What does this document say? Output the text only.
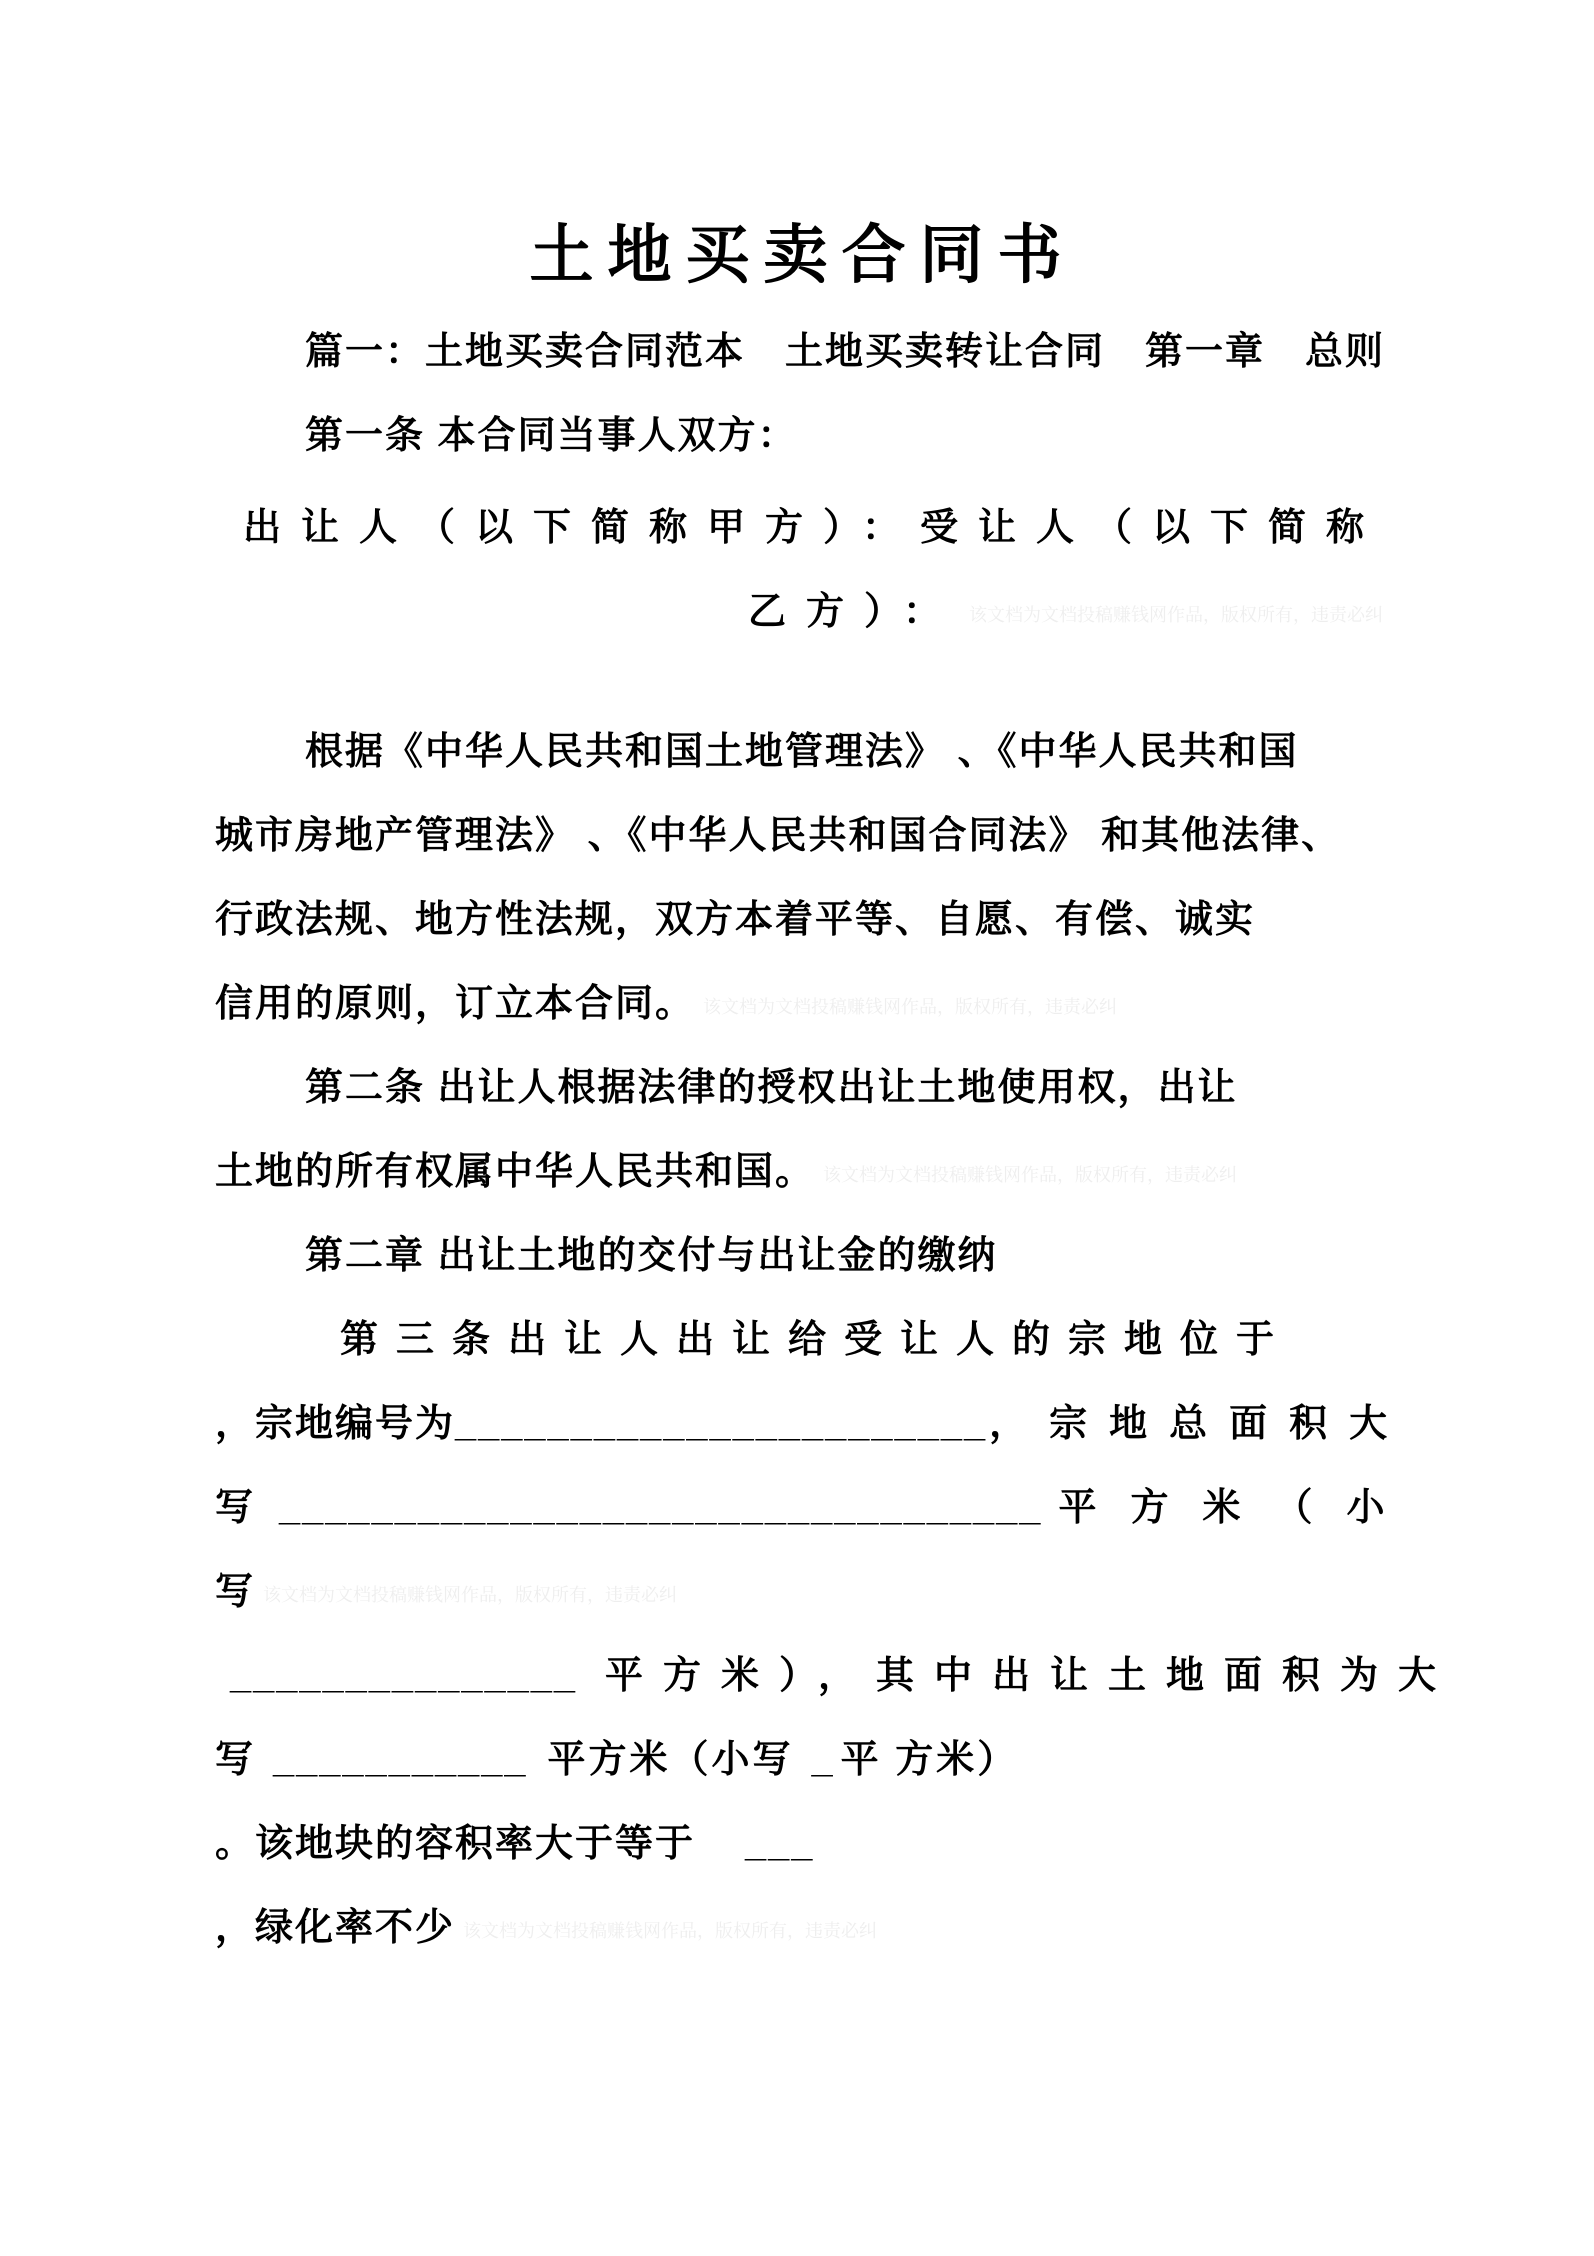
土地买卖合同书
篇一：土地买卖合同范本　土地买卖转让合同　第一章　总则
第一条 本合同当事人双方：
出让人（以下简称甲方）：受让人（以下简称
乙方）： 该文档为文档投稿赚钱网作品，版权所有，违责必纠
根据《中华人民共和国土地管理法》 、《中华人民共和国
城市房地产管理法》 、《中华人民共和国合同法》 和其他法律、
行政法规、地方性法规，双方本着平等、自愿、有偿、诚实
信用的原则，订立本合同。 该文档为文档投稿赚钱网作品，版权所有，违责必纠
第二条 出让人根据法律的授权出让土地使用权，出让
土地的所有权属中华人民共和国。 该文档为文档投稿赚钱网作品，版权所有，违责必纠
第二章 出让土地的交付与出让金的缴纳
第三条出让人出让给受让人的宗地位于
，宗地编号为_______________________，宗地总面积大
写 _________________________________ 平方米（小
写该文档为文档投稿赚钱网作品，版权所有，违责必纠
_______________ 平方米），其中出让土地面积为大
写 ___________ 平方米（小写 _ 平 方米）
。该地块的容积率大于等于 ___
，绿化率不少 该文档为文档投稿赚钱网作品，版权所有，违责必纠
